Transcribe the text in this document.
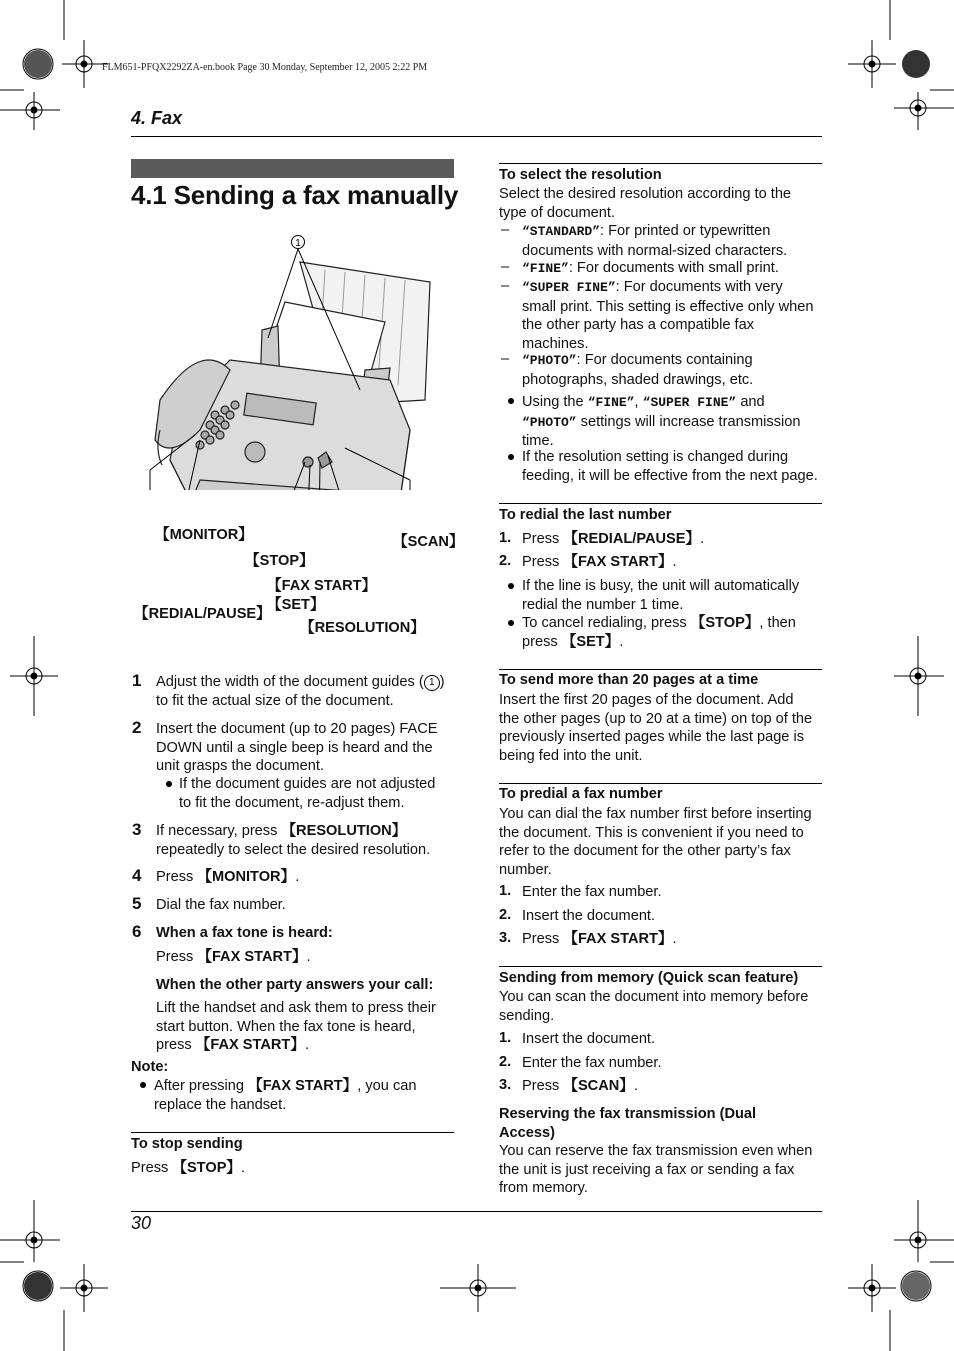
FLM651-PFQX2292ZA-en.book Page 30 Monday, September 12, 2005 2:22 PM
4. Fax
4.1 Sending a fax manually
1
【MONITOR】
【STOP】
【SCAN】
【FAX START】
【SET】
【REDIAL/PAUSE】
【RESOLUTION】
1 Adjust the width of the document guides ( 1 )
to fit the actual size of the document.
2 Insert the document (up to 20 pages) FACE
DOWN until a single beep is heard and the
unit grasps the document.
If the document guides are not adjusted
to fit the document, re-adjust them.
3 If necessary, press 【RESOLUTION】
repeatedly to select the desired resolution.
4 Press 【MONITOR】.
5 Dial the fax number.
6 When a fax tone is heard:
Press 【FAX START】.
When the other party answers your call:
Lift the handset and ask them to press their
start button. When the fax tone is heard,
press 【FAX START】.
Note:
After pressing 【FAX START】, you can
replace the handset.
To stop sending
Press 【STOP】.
To select the resolution
Select the desired resolution according to the
type of document.
– “STANDARD”: For printed or typewritten
documents with normal-sized characters.
– “FINE”: For documents with small print.
– “SUPER FINE”: For documents with very
small print. This setting is effective only when
the other party has a compatible fax
machines.
– “PHOTO”: For documents containing
photographs, shaded drawings, etc.
Using the “FINE”, “SUPER FINE” and
“PHOTO” settings will increase transmission
time.
If the resolution setting is changed during
feeding, it will be effective from the next page.
To redial the last number
1. Press 【REDIAL/PAUSE】.
2. Press 【FAX START】.
If the line is busy, the unit will automatically
redial the number 1 time.
To cancel redialing, press 【STOP】, then
press 【SET】.
To send more than 20 pages at a time
Insert the first 20 pages of the document. Add
the other pages (up to 20 at a time) on top of the
previously inserted pages while the last page is
being fed into the unit.
To predial a fax number
You can dial the fax number first before inserting
the document. This is convenient if you need to
refer to the document for the other party’s fax
number.
1. Enter the fax number.
2. Insert the document.
3. Press 【FAX START】.
Sending from memory (Quick scan feature)
You can scan the document into memory before
sending.
1. Insert the document.
2. Enter the fax number.
3. Press 【SCAN】.
Reserving the fax transmission (Dual
Access)
You can reserve the fax transmission even when
the unit is just receiving a fax or sending a fax
from memory.
30
